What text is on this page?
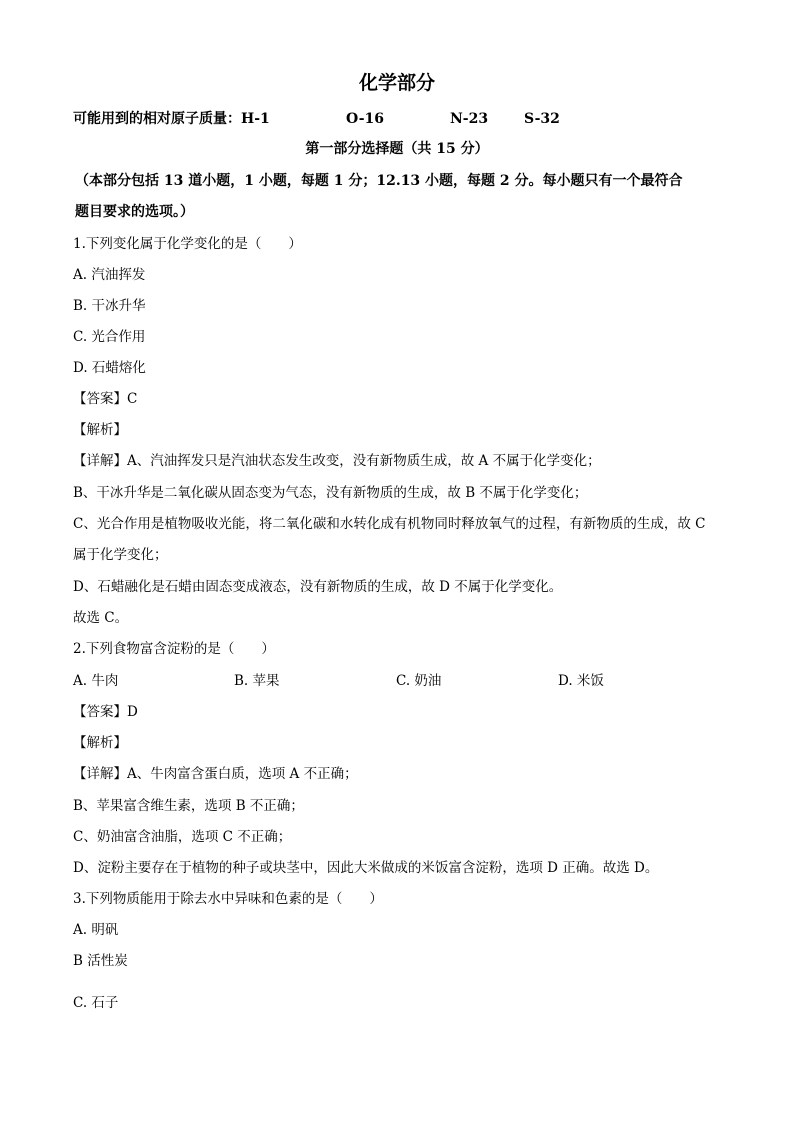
化学部分
可能用到的相对原子质量：H-1	O-16	N-23	S-32
第一部分选择题（共 15 分）
（本部分包括 13 道小题，1 小题，每题 1 分；12.13 小题，每题 2 分。每小题只有一个最符合
题目要求的选项。）
1.下列变化属于化学变化的是（　　）
A. 汽油挥发
B. 干冰升华
C. 光合作用
D. 石蜡熔化
【答案】C
【解析】
【详解】A、汽油挥发只是汽油状态发生改变，没有新物质生成，故 A 不属于化学变化；
B、干冰升华是二氧化碳从固态变为气态，没有新物质的生成，故 B 不属于化学变化；
C、光合作用是植物吸收光能，将二氧化碳和水转化成有机物同时释放氧气的过程，有新物质的生成，故 C
属于化学变化；
D、石蜡融化是石蜡由固态变成液态，没有新物质的生成，故 D 不属于化学变化。
故选 C。
2.下列食物富含淀粉的是（　　）
A. 牛肉	B. 苹果	C. 奶油	D. 米饭
【答案】D
【解析】
【详解】A、牛肉富含蛋白质，选项 A 不正确；
B、苹果富含维生素，选项 B 不正确；
C、奶油富含油脂，选项 C 不正确；
D、淀粉主要存在于植物的种子或块茎中，因此大米做成的米饭富含淀粉，选项 D 正确。故选 D。
3.下列物质能用于除去水中异味和色素的是（　　）
A. 明矾
B 活性炭
C. 石子
